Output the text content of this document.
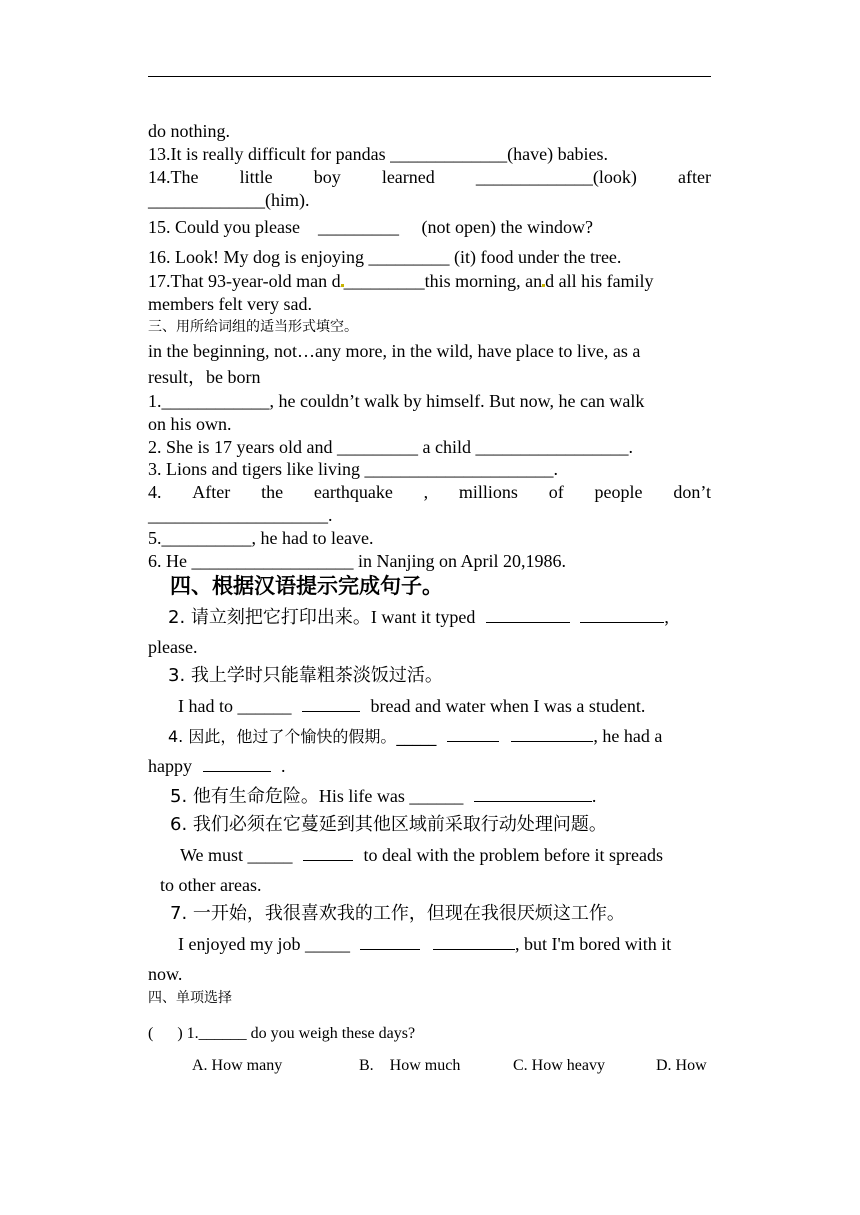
do nothing.
13.It is really difficult for pandas _____________(have) babies.
14.The little boy learned _____________(look) after
_____________(him).
15. Could you please    _________     (not open) the window?
16. Look! My dog is enjoying _________ (it) food under the tree.
17.That 93-year-old man d _________this morning, an d all his family
members felt very sad.
三、用所给词组的适当形式填空。
in the beginning, not…any more, in the wild, have place to live, as a
result，be born
1.____________, he couldn’t walk by himself. But now, he can walk
on his own.
2. She is 17 years old and _________ a child _________________.
3. Lions and tigers like living _____________________.
4. After the earthquake , millions of people don’t
____________________.
5.__________, he had to leave.
6. He __________________ in Nanjing on April 20,1986.
四、根据汉语提示完成句子。
2. 请立刻把它打印出来。I want it typed	,
please.
3. 我上学时只能靠粗茶淡饭过活。
I had to ______	bread and water when I was a student.
4. 因此，他过了个愉快的假期。_____	, he had a
happy	.
5. 他有生命危险。His life was ______	.
6. 我们必须在它蔓延到其他区域前采取行动处理问题。
We must _____	to deal with the problem before it spreads
to other areas.
7. 一开始，我很喜欢我的工作，但现在我很厌烦这工作。
I enjoyed my job _____	, but I'm bored with it
now.
四、单项选择
(      ) 1.______ do you weigh these days?
A. How many	B.    How much	C. How heavy	D. How
